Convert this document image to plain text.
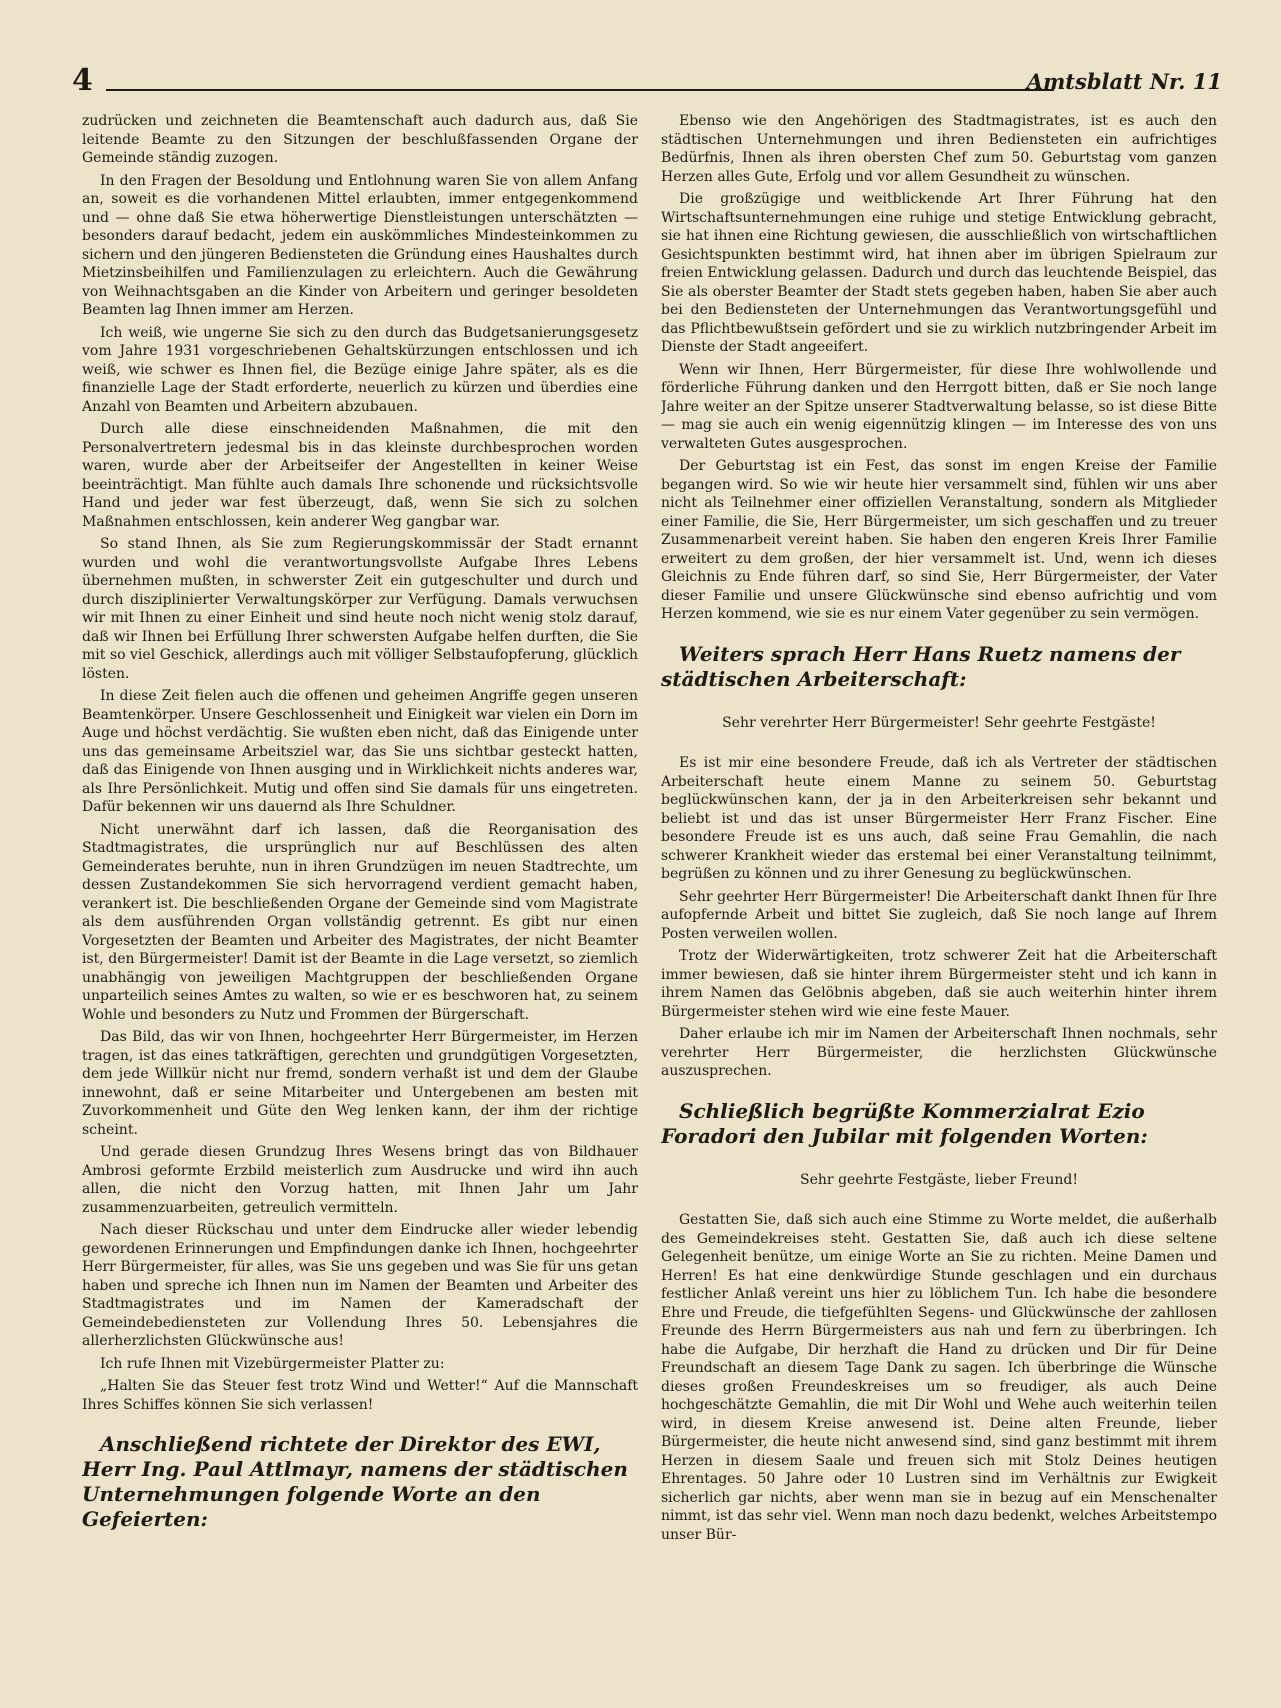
4	Amtsblatt Nr. 11

zudrücken und zeichneten die Beamtenschaft auch dadurch aus, daß Sie leitende Beamte zu den Sitzungen der beschlußfassenden Organe der Gemeinde ständig zuzogen.

In den Fragen der Besoldung und Entlohnung waren Sie von allem Anfang an, soweit es die vorhandenen Mittel erlaubten, immer entgegenkommend und — ohne daß Sie etwa höherwertige Dienstleistungen unterschätzten — besonders darauf bedacht, jedem ein auskömmliches Mindesteinkommen zu sichern und den jüngeren Bediensteten die Gründung eines Haushaltes durch Mietzinsbeihilfen und Familienzulagen zu erleichtern. Auch die Gewährung von Weihnachtsgaben an die Kinder von Arbeitern und geringer besoldeten Beamten lag Ihnen immer am Herzen.

Ich weiß, wie ungerne Sie sich zu den durch das Budgetsanierungsgesetz vom Jahre 1931 vorgeschriebenen Gehaltskürzungen entschlossen und ich weiß, wie schwer es Ihnen fiel, die Bezüge einige Jahre später, als es die finanzielle Lage der Stadt erforderte, neuerlich zu kürzen und überdies eine Anzahl von Beamten und Arbeitern abzubauen.

Durch alle diese einschneidenden Maßnahmen, die mit den Personalvertretern jedesmal bis in das kleinste durchbesprochen worden waren, wurde aber der Arbeitseifer der Angestellten in keiner Weise beeinträchtigt. Man fühlte auch damals Ihre schonende und rücksichtsvolle Hand und jeder war fest überzeugt, daß, wenn Sie sich zu solchen Maßnahmen entschlossen, kein anderer Weg gangbar war.

So stand Ihnen, als Sie zum Regierungskommissär der Stadt ernannt wurden und wohl die verantwortungsvollste Aufgabe Ihres Lebens übernehmen mußten, in schwerster Zeit ein gutgeschulter und durch und durch disziplinierter Verwaltungskörper zur Verfügung. Damals verwuchsen wir mit Ihnen zu einer Einheit und sind heute noch nicht wenig stolz darauf, daß wir Ihnen bei Erfüllung Ihrer schwersten Aufgabe helfen durften, die Sie mit so viel Geschick, allerdings auch mit völliger Selbstaufopferung, glücklich lösten.

In diese Zeit fielen auch die offenen und geheimen Angriffe gegen unseren Beamtenkörper. Unsere Geschlossenheit und Einigkeit war vielen ein Dorn im Auge und höchst verdächtig. Sie wußten eben nicht, daß das Einigende unter uns das gemeinsame Arbeitsziel war, das Sie uns sichtbar gesteckt hatten, daß das Einigende von Ihnen ausging und in Wirklichkeit nichts anderes war, als Ihre Persönlichkeit. Mutig und offen sind Sie damals für uns eingetreten. Dafür bekennen wir uns dauernd als Ihre Schuldner.

Nicht unerwähnt darf ich lassen, daß die Reorganisation des Stadtmagistrates, die ursprünglich nur auf Beschlüssen des alten Gemeinderates beruhte, nun in ihren Grundzügen im neuen Stadtrechte, um dessen Zustandekommen Sie sich hervorragend verdient gemacht haben, verankert ist. Die beschließenden Organe der Gemeinde sind vom Magistrate als dem ausführenden Organ vollständig getrennt. Es gibt nur einen Vorgesetzten der Beamten und Arbeiter des Magistrates, der nicht Beamter ist, den Bürgermeister! Damit ist der Beamte in die Lage versetzt, so ziemlich unabhängig von jeweiligen Machtgruppen der beschließenden Organe unparteilich seines Amtes zu walten, so wie er es beschworen hat, zu seinem Wohle und besonders zu Nutz und Frommen der Bürgerschaft.

Das Bild, das wir von Ihnen, hochgeehrter Herr Bürgermeister, im Herzen tragen, ist das eines tatkräftigen, gerechten und grundgütigen Vorgesetzten, dem jede Willkür nicht nur fremd, sondern verhaßt ist und dem der Glaube innewohnt, daß er seine Mitarbeiter und Untergebenen am besten mit Zuvorkommenheit und Güte den Weg lenken kann, der ihm der richtige scheint.

Und gerade diesen Grundzug Ihres Wesens bringt das von Bildhauer Ambrosi geformte Erzbild meisterlich zum Ausdrucke und wird ihn auch allen, die nicht den Vorzug hatten, mit Ihnen Jahr um Jahr zusammenzuarbeiten, getreulich vermitteln.

Nach dieser Rückschau und unter dem Eindrucke aller wieder lebendig gewordenen Erinnerungen und Empfindungen danke ich Ihnen, hochgeehrter Herr Bürgermeister, für alles, was Sie uns gegeben und was Sie für uns getan haben und spreche ich Ihnen nun im Namen der Beamten und Arbeiter des Stadtmagistrates und im Namen der Kameradschaft der Gemeindebediensteten zur Vollendung Ihres 50. Lebensjahres die allerherzlichsten Glückwünsche aus!

Ich rufe Ihnen mit Vizebürgermeister Platter zu:

„Halten Sie das Steuer fest trotz Wind und Wetter!“ Auf die Mannschaft Ihres Schiffes können Sie sich verlassen!

Anschließend richtete der Direktor des EWI, Herr Ing. Paul Attlmayr, namens der städtischen Unternehmungen folgende Worte an den Gefeierten:

Ebenso wie den Angehörigen des Stadtmagistrates, ist es auch den städtischen Unternehmungen und ihren Bediensteten ein aufrichtiges Bedürfnis, Ihnen als ihren obersten Chef zum 50. Geburtstag vom ganzen Herzen alles Gute, Erfolg und vor allem Gesundheit zu wünschen.

Die großzügige und weitblickende Art Ihrer Führung hat den Wirtschaftsunternehmungen eine ruhige und stetige Entwicklung gebracht, sie hat ihnen eine Richtung gewiesen, die ausschließlich von wirtschaftlichen Gesichtspunkten bestimmt wird, hat ihnen aber im übrigen Spielraum zur freien Entwicklung gelassen. Dadurch und durch das leuchtende Beispiel, das Sie als oberster Beamter der Stadt stets gegeben haben, haben Sie aber auch bei den Bediensteten der Unternehmungen das Verantwortungsgefühl und das Pflichtbewußtsein gefördert und sie zu wirklich nutzbringender Arbeit im Dienste der Stadt angeeifert.

Wenn wir Ihnen, Herr Bürgermeister, für diese Ihre wohlwollende und förderliche Führung danken und den Herrgott bitten, daß er Sie noch lange Jahre weiter an der Spitze unserer Stadtverwaltung belasse, so ist diese Bitte — mag sie auch ein wenig eigennützig klingen — im Interesse des von uns verwalteten Gutes ausgesprochen.

Der Geburtstag ist ein Fest, das sonst im engen Kreise der Familie begangen wird. So wie wir heute hier versammelt sind, fühlen wir uns aber nicht als Teilnehmer einer offiziellen Veranstaltung, sondern als Mitglieder einer Familie, die Sie, Herr Bürgermeister, um sich geschaffen und zu treuer Zusammenarbeit vereint haben. Sie haben den engeren Kreis Ihrer Familie erweitert zu dem großen, der hier versammelt ist. Und, wenn ich dieses Gleichnis zu Ende führen darf, so sind Sie, Herr Bürgermeister, der Vater dieser Familie und unsere Glückwünsche sind ebenso aufrichtig und vom Herzen kommend, wie sie es nur einem Vater gegenüber zu sein vermögen.

Weiters sprach Herr Hans Ruetz namens der städtischen Arbeiterschaft:

Sehr verehrter Herr Bürgermeister! Sehr geehrte Festgäste!

Es ist mir eine besondere Freude, daß ich als Vertreter der städtischen Arbeiterschaft heute einem Manne zu seinem 50. Geburtstag beglückwünschen kann, der ja in den Arbeiterkreisen sehr bekannt und beliebt ist und das ist unser Bürgermeister Herr Franz Fischer. Eine besondere Freude ist es uns auch, daß seine Frau Gemahlin, die nach schwerer Krankheit wieder das erstemal bei einer Veranstaltung teilnimmt, begrüßen zu können und zu ihrer Genesung zu beglückwünschen.

Sehr geehrter Herr Bürgermeister! Die Arbeiterschaft dankt Ihnen für Ihre aufopfernde Arbeit und bittet Sie zugleich, daß Sie noch lange auf Ihrem Posten verweilen wollen.

Trotz der Widerwärtigkeiten, trotz schwerer Zeit hat die Arbeiterschaft immer bewiesen, daß sie hinter ihrem Bürgermeister steht und ich kann in ihrem Namen das Gelöbnis abgeben, daß sie auch weiterhin hinter ihrem Bürgermeister stehen wird wie eine feste Mauer.

Daher erlaube ich mir im Namen der Arbeiterschaft Ihnen nochmals, sehr verehrter Herr Bürgermeister, die herzlichsten Glückwünsche auszusprechen.

Schließlich begrüßte Kommerzialrat Ezio Foradori den Jubilar mit folgenden Worten:

Sehr geehrte Festgäste, lieber Freund!

Gestatten Sie, daß sich auch eine Stimme zu Worte meldet, die außerhalb des Gemeindekreises steht. Gestatten Sie, daß auch ich diese seltene Gelegenheit benütze, um einige Worte an Sie zu richten. Meine Damen und Herren! Es hat eine denkwürdige Stunde geschlagen und ein durchaus festlicher Anlaß vereint uns hier zu löblichem Tun. Ich habe die besondere Ehre und Freude, die tiefgefühlten Segens- und Glückwünsche der zahllosen Freunde des Herrn Bürgermeisters aus nah und fern zu überbringen. Ich habe die Aufgabe, Dir herzhaft die Hand zu drücken und Dir für Deine Freundschaft an diesem Tage Dank zu sagen. Ich überbringe die Wünsche dieses großen Freundeskreises um so freudiger, als auch Deine hochgeschätzte Gemahlin, die mit Dir Wohl und Wehe auch weiterhin teilen wird, in diesem Kreise anwesend ist. Deine alten Freunde, lieber Bürgermeister, die heute nicht anwesend sind, sind ganz bestimmt mit ihrem Herzen in diesem Saale und freuen sich mit Stolz Deines heutigen Ehrentages. 50 Jahre oder 10 Lustren sind im Verhältnis zur Ewigkeit sicherlich gar nichts, aber wenn man sie in bezug auf ein Menschenalter nimmt, ist das sehr viel. Wenn man noch dazu bedenkt, welches Arbeitstempo unser Bür-
